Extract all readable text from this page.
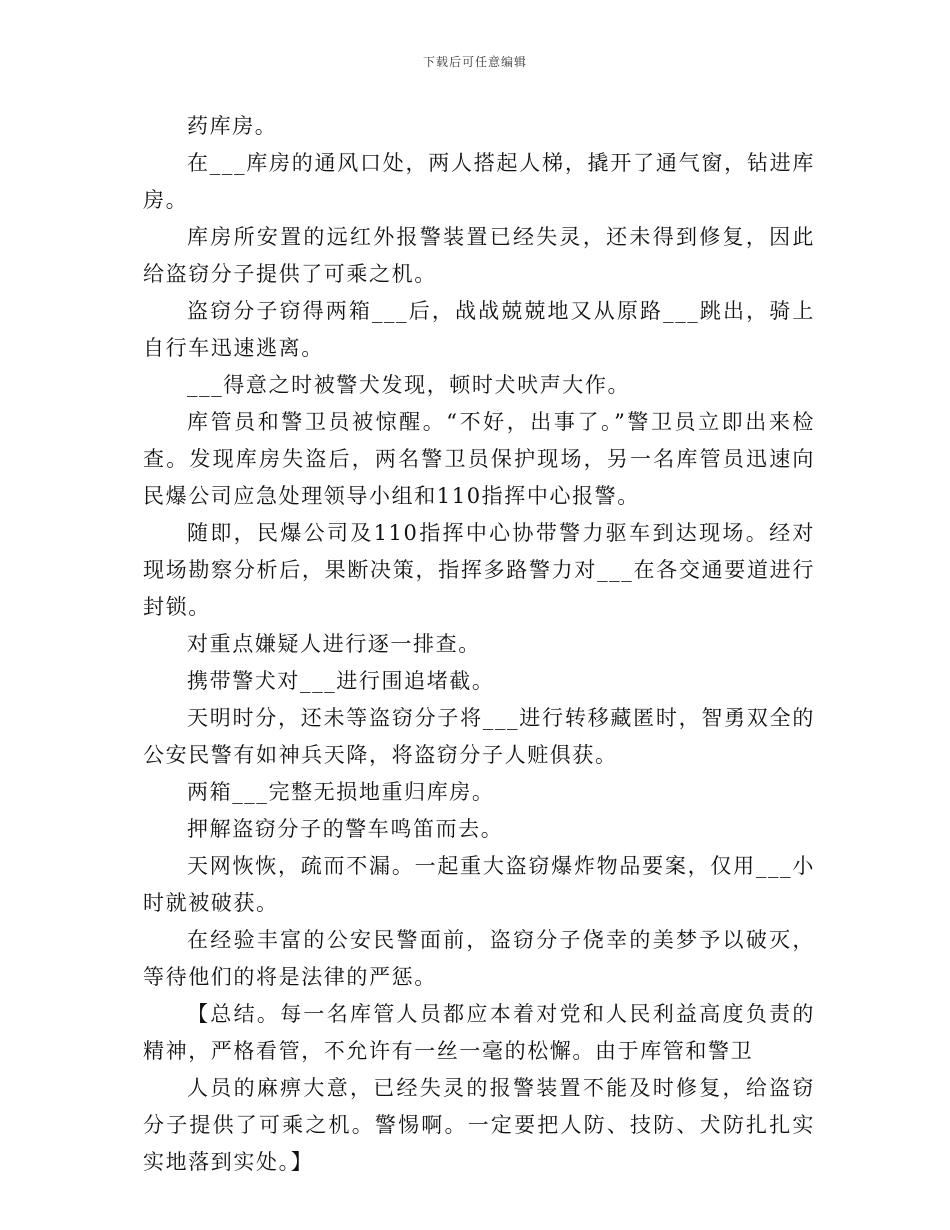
下载后可任意编辑

药库房。

在___库房的通风口处，两人搭起人梯，撬开了通气窗，钻进库房。

库房所安置的远红外报警装置已经失灵，还未得到修复，因此给盗窃分子提供了可乘之机。

盗窃分子窃得两箱___后，战战兢兢地又从原路___跳出，骑上自行车迅速逃离。

___得意之时被警犬发现，顿时犬吠声大作。

库管员和警卫员被惊醒。“不好，出事了。”警卫员立即出来检查。发现库房失盗后，两名警卫员保护现场，另一名库管员迅速向民爆公司应急处理领导小组和110指挥中心报警。

随即，民爆公司及110指挥中心协带警力驱车到达现场。经对现场勘察分析后，果断决策，指挥多路警力对___在各交通要道进行封锁。

对重点嫌疑人进行逐一排查。

携带警犬对___进行围追堵截。

天明时分，还未等盗窃分子将___进行转移藏匿时，智勇双全的公安民警有如神兵天降，将盗窃分子人赃俱获。

两箱___完整无损地重归库房。

押解盗窃分子的警车鸣笛而去。

天网恢恢，疏而不漏。一起重大盗窃爆炸物品要案，仅用___小时就被破获。

在经验丰富的公安民警面前，盗窃分子侥幸的美梦予以破灭，等待他们的将是法律的严惩。

【总结。每一名库管人员都应本着对党和人民利益高度负责的精神，严格看管，不允许有一丝一毫的松懈。由于库管和警卫

人员的麻痹大意，已经失灵的报警装置不能及时修复，给盗窃分子提供了可乘之机。警惕啊。一定要把人防、技防、犬防扎扎实实地落到实处。】
